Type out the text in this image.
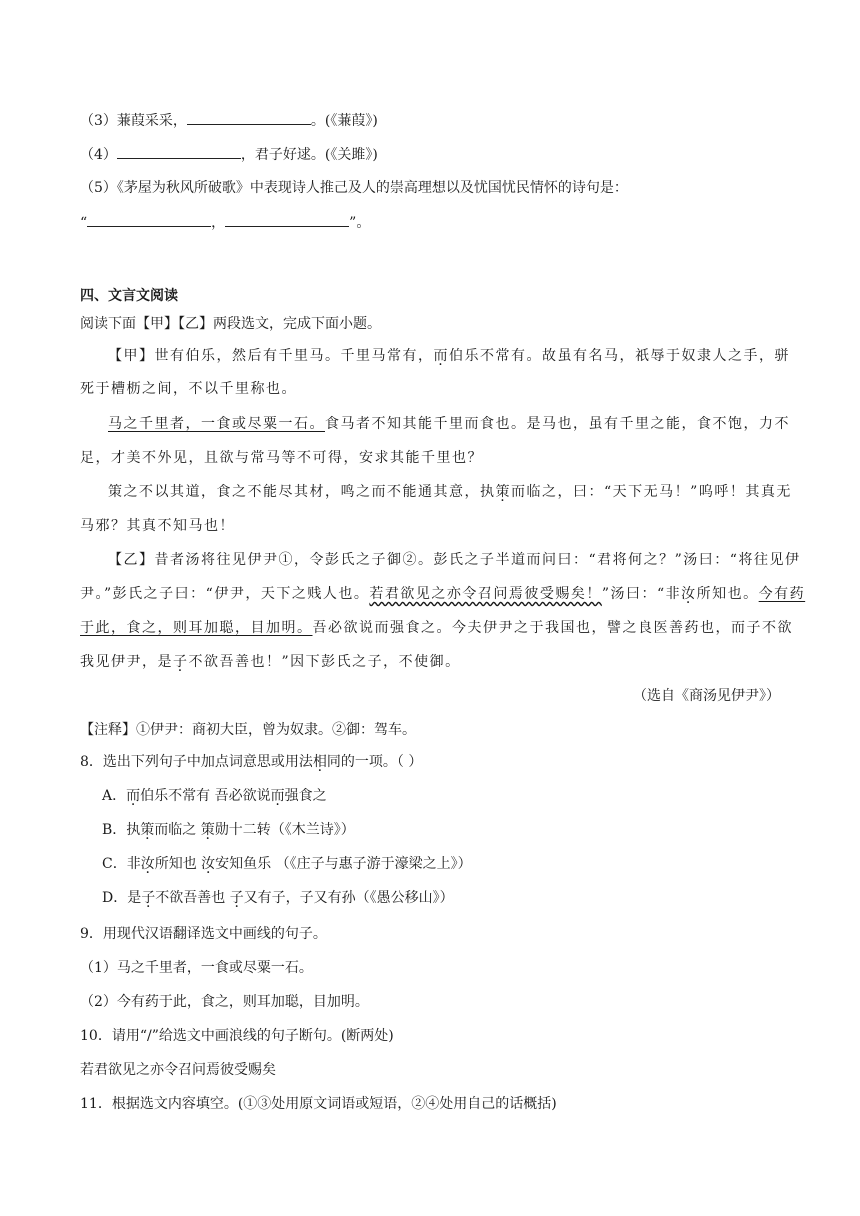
（3）蒹葭采采，	。(《蒹葭》)
（4）	，君子好逑。(《关雎》)
（5）《茅屋为秋风所破歌》中表现诗人推己及人的崇高理想以及忧国忧民情怀的诗句是：
“	，	”。
四、文言文阅读
阅读下面【甲】【乙】两段选文，完成下面小题。
【甲】世有伯乐，然后有千里马。千里马常有，而伯乐不常有。故虽有名马，祇辱于奴隶人之手，骈
死于槽枥之间，不以千里称也。
马之千里者，一食或尽粟一石。食马者不知其能千里而食也。是马也，虽有千里之能，食不饱，力不
足，才美不外见，且欲与常马等不可得，安求其能千里也？
策之不以其道，食之不能尽其材，鸣之而不能通其意，执策而临之，曰：“天下无马！”呜呼！其真无
马邪？其真不知马也！
【乙】昔者汤将往见伊尹①，令彭氏之子御②。彭氏之子半道而问曰：“君将何之？”汤曰：“将往见伊
尹。”彭氏之子曰：“伊尹，天下之贱人也。若君欲见之亦令召问焉彼受赐矣！”汤曰：“非汝所知也。今有药
于此，食之，则耳加聪，目加明。吾必欲说而强食之。今夫伊尹之于我国也，譬之良医善药也，而子不欲
我见伊尹，是子不欲吾善也！”因下彭氏之子，不使御。
（选自《商汤见伊尹》）
【注释】①伊尹：商初大臣，曾为奴隶。②御：驾车。
8．选出下列句子中加点词意思或用法相同的一项。（ ）
A．而伯乐不常有 吾必欲说而强食之
B．执策而临之 策勋十二转（《木兰诗》）
C．非汝所知也 汝安知鱼乐 （《庄子与惠子游于濠梁之上》）
D．是子不欲吾善也 子又有子，子又有孙（《愚公移山》）
9．用现代汉语翻译选文中画线的句子。
（1）马之千里者，一食或尽粟一石。
（2）今有药于此，食之，则耳加聪，目加明。
10．请用“/”给选文中画浪线的句子断句。(断两处)
若君欲见之亦令召问焉彼受赐矣
11．根据选文内容填空。(①③处用原文词语或短语，②④处用自己的话概括)
